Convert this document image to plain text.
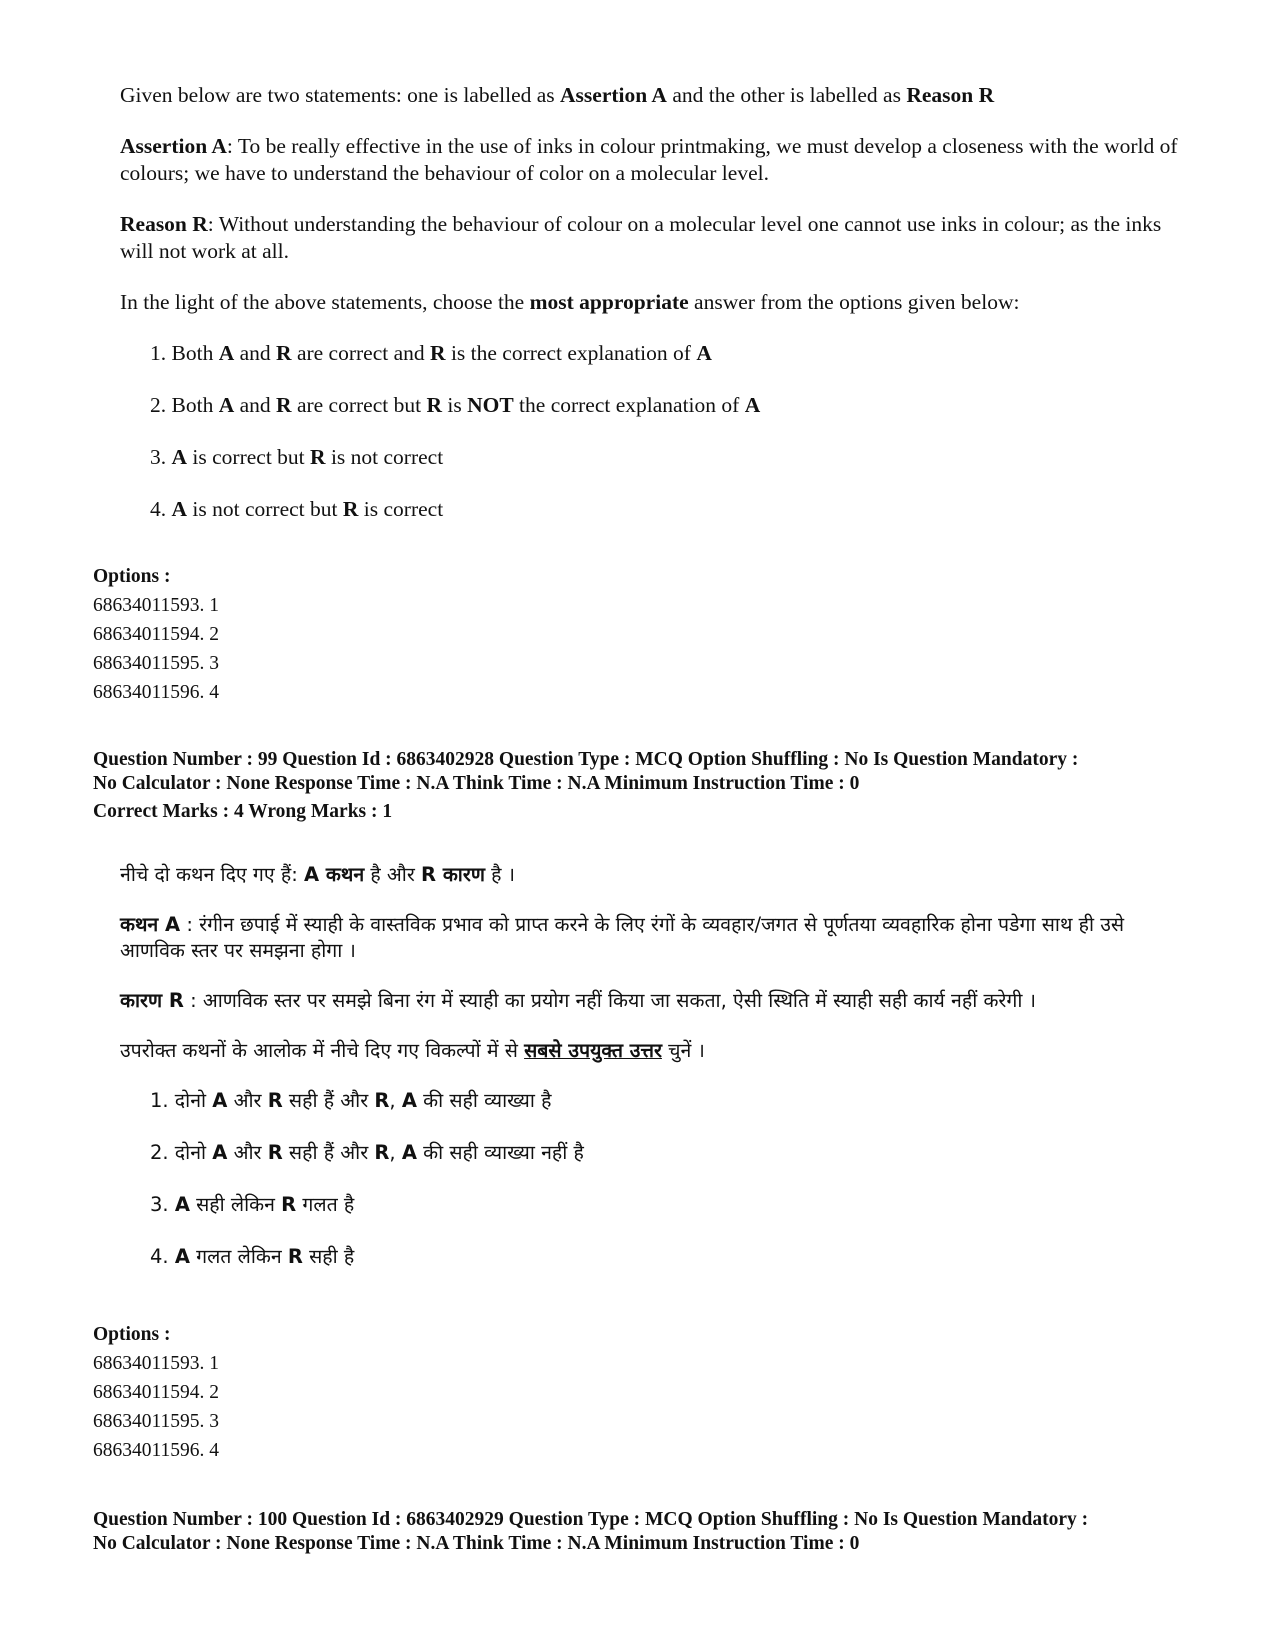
Given below are two statements: one is labelled as Assertion A and the other is labelled as Reason R

Assertion A: To be really effective in the use of inks in colour printmaking, we must develop a closeness with the world of colours; we have to understand the behaviour of color on a molecular level.

Reason R: Without understanding the behaviour of colour on a molecular level one cannot use inks in colour; as the inks will not work at all.

In the light of the above statements, choose the most appropriate answer from the options given below:

1. Both A and R are correct and R is the correct explanation of A

2. Both A and R are correct but R is NOT the correct explanation of A

3. A is correct but R is not correct

4. A is not correct but R is correct

Options :
68634011593. 1
68634011594. 2
68634011595. 3
68634011596. 4
Question Number : 99 Question Id : 6863402928 Question Type : MCQ Option Shuffling : No Is Question Mandatory :
No Calculator : None Response Time : N.A Think Time : N.A Minimum Instruction Time : 0
Correct Marks : 4 Wrong Marks : 1

नीचे दो कथन दिए गए हैं: A कथन है और R कारण है ।

कथन A : रंगीन छपाई में स्याही के वास्तविक प्रभाव को प्राप्त करने के लिए रंगों के व्यवहार/जगत से पूर्णतया व्यवहारिक होना पडेगा साथ ही उसे आणविक स्तर पर समझना होगा ।

कारण R : आणविक स्तर पर समझे बिना रंग में स्याही का प्रयोग नहीं किया जा सकता, ऐसी स्थिति में स्याही सही कार्य नहीं करेगी ।

उपरोक्त कथनों के आलोक में नीचे दिए गए विकल्पों में से सबसे उपयुक्त उत्तर चुनें ।

1. दोनो A और R सही हैं और R, A की सही व्याख्या है

2. दोनो A और R सही हैं और R, A की सही व्याख्या नहीं है

3. A सही लेकिन R गलत है

4. A गलत लेकिन R सही है

Options :
68634011593. 1
68634011594. 2
68634011595. 3
68634011596. 4
Question Number : 100 Question Id : 6863402929 Question Type : MCQ Option Shuffling : No Is Question Mandatory :
No Calculator : None Response Time : N.A Think Time : N.A Minimum Instruction Time : 0
